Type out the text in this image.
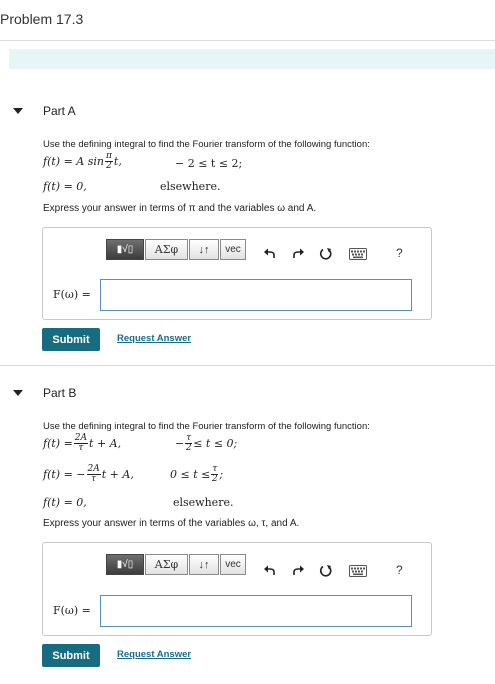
Problem 17.3
Part A
Use the defining integral to find the Fourier transform of the following function:
f(t) = A $\sin \frac{\pi}{2} t$,	− 2 ≤ t ≤ 2;
f(t) = 0,	elsewhere.
Express your answer in terms of π and the variables ω and A.
▮√▯ ΑΣφ ↓↑ vec	?
F(ω) =
Submit	Request Answer
Part B
Use the defining integral to find the Fourier transform of the following function:
$f(t) = \frac{2A}{\tau}$ t + A,	− $\frac{\tau}{2} \le t \le 0$;
f(t) = − $\frac{2A}{\tau}$ t + A,	$0 \le t \le \frac{\tau}{2}$ ;
f(t) = 0,	elsewhere.
Express your answer in terms of the variables ω, τ, and A.
▮√▯ ΑΣφ ↓↑ vec	?
F(ω) =
Submit	Request Answer
